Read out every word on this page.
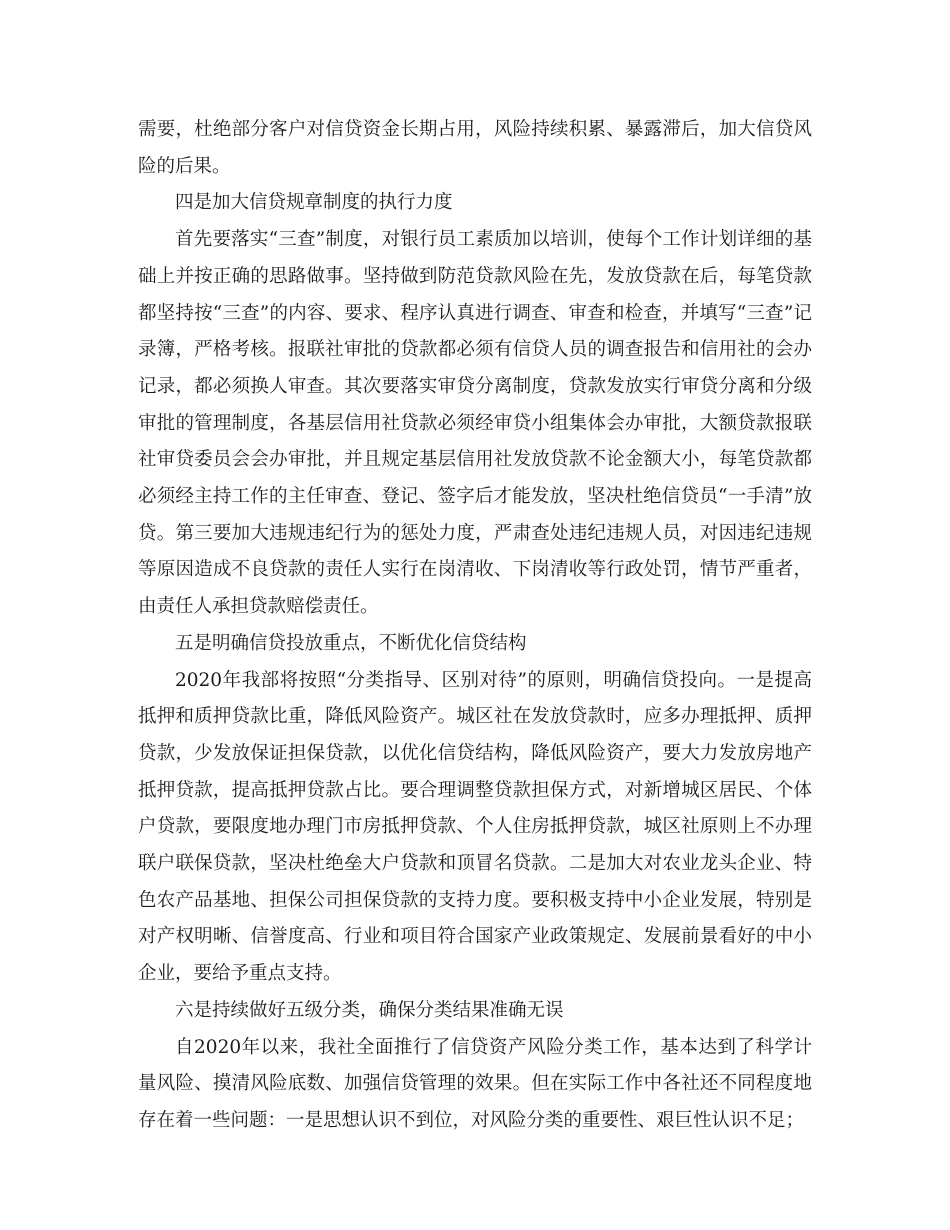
需要，杜绝部分客户对信贷资金长期占用，风险持续积累、暴露滞后，加大信贷风险的后果。

四是加大信贷规章制度的执行力度

首先要落实“三查”制度，对银行员工素质加以培训，使每个工作计划详细的基础上并按正确的思路做事。坚持做到防范贷款风险在先，发放贷款在后，每笔贷款都坚持按“三查”的内容、要求、程序认真进行调查、审查和检查，并填写“三查”记录簿，严格考核。报联社审批的贷款都必须有信贷人员的调查报告和信用社的会办记录，都必须换人审查。其次要落实审贷分离制度，贷款发放实行审贷分离和分级审批的管理制度，各基层信用社贷款必须经审贷小组集体会办审批，大额贷款报联社审贷委员会会办审批，并且规定基层信用社发放贷款不论金额大小，每笔贷款都必须经主持工作的主任审查、登记、签字后才能发放，坚决杜绝信贷员“一手清”放贷。第三要加大违规违纪行为的惩处力度，严肃查处违纪违规人员，对因违纪违规等原因造成不良贷款的责任人实行在岗清收、下岗清收等行政处罚，情节严重者，由责任人承担贷款赔偿责任。

五是明确信贷投放重点，不断优化信贷结构

2020年我部将按照“分类指导、区别对待”的原则，明确信贷投向。一是提高抵押和质押贷款比重，降低风险资产。城区社在发放贷款时，应多办理抵押、质押贷款，少发放保证担保贷款，以优化信贷结构，降低风险资产，要大力发放房地产抵押贷款，提高抵押贷款占比。要合理调整贷款担保方式，对新增城区居民、个体户贷款，要限度地办理门市房抵押贷款、个人住房抵押贷款，城区社原则上不办理联户联保贷款，坚决杜绝垒大户贷款和顶冒名贷款。二是加大对农业龙头企业、特色农产品基地、担保公司担保贷款的支持力度。要积极支持中小企业发展，特别是对产权明晰、信誉度高、行业和项目符合国家产业政策规定、发展前景看好的中小企业，要给予重点支持。

六是持续做好五级分类，确保分类结果准确无误

自2020年以来，我社全面推行了信贷资产风险分类工作，基本达到了科学计量风险、摸清风险底数、加强信贷管理的效果。但在实际工作中各社还不同程度地存在着一些问题：一是思想认识不到位，对风险分类的重要性、艰巨性认识不足；
